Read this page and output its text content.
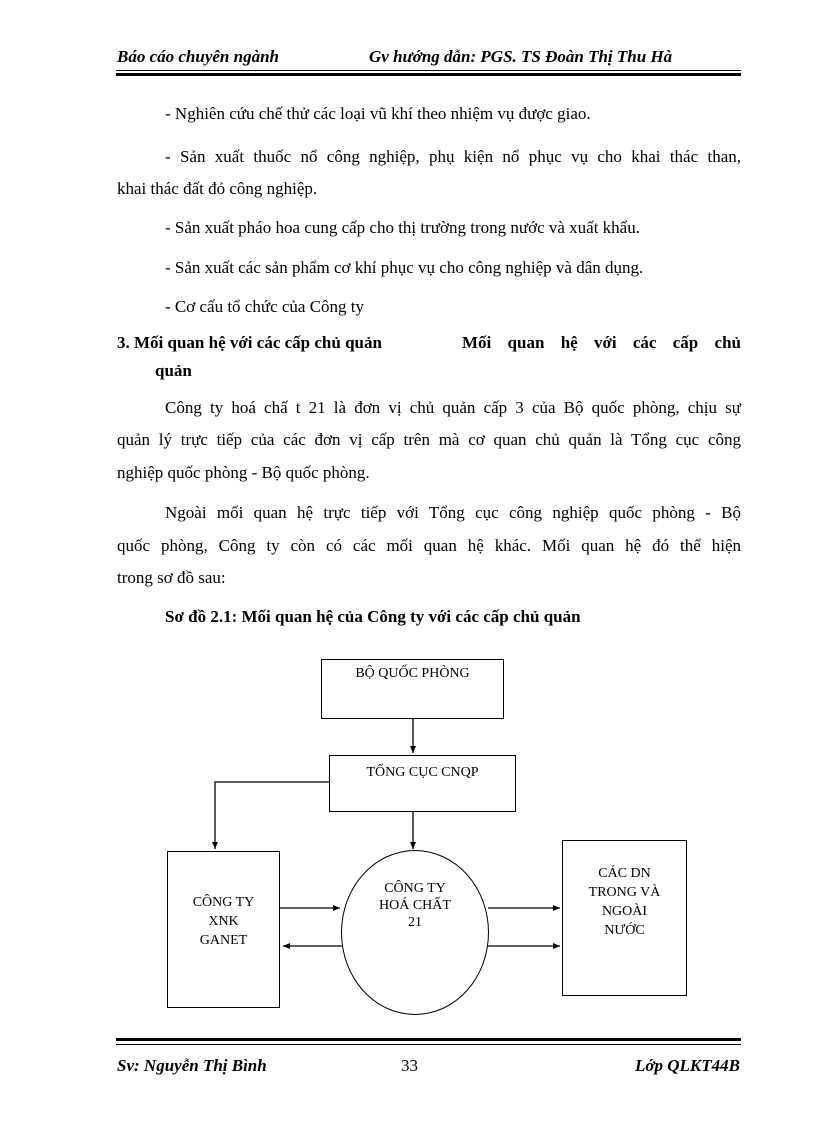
Báo cáo chuyên ngành	Gv hướng dẫn: PGS. TS Đoàn Thị Thu Hà
- Nghiên cứu chế thử các loại vũ khí theo nhiệm vụ được giao.
- Sản xuất thuốc nổ công nghiệp, phụ kiện nổ phục vụ cho khai thác than,
khai thác đất đỏ công nghiệp.
- Sản xuất pháo hoa cung cấp cho thị trường trong nước và xuất khẩu.
- Sản xuất các sản phẩm cơ khí phục vụ cho công nghiệp và dân dụng.
- Cơ cấu tổ chức của Công ty
3. Mối quan hệ với các cấp chủ quản	Mối quan hệ với các cấp chủ
quản
Công ty hoá chấ t 21 là đơn vị chủ quản cấp 3 của Bộ quốc phòng, chịu sự
quản lý trực tiếp của các đơn vị cấp trên mà cơ quan chủ quản là Tổng cục công
nghiệp quốc phòng - Bộ quốc phòng.
Ngoài mối quan hệ trực tiếp với Tổng cục công nghiệp quốc phòng - Bộ
quốc phòng, Công ty còn có các mối quan hệ khác. Mối quan hệ đó thể hiện
trong sơ đồ sau:
Sơ đồ 2.1: Mối quan hệ của Công ty với các cấp chủ quản
BỘ QUỐC PHÒNG
TỔNG CỤC CNQP
CÔNG TY
XNK
GANET
CÔNG TY
HOÁ CHẤT
21
CÁC DN
TRONG VÀ
NGOÀI
NƯỚC
Sv: Nguyễn Thị Bình	33	Lớp QLKT44B
